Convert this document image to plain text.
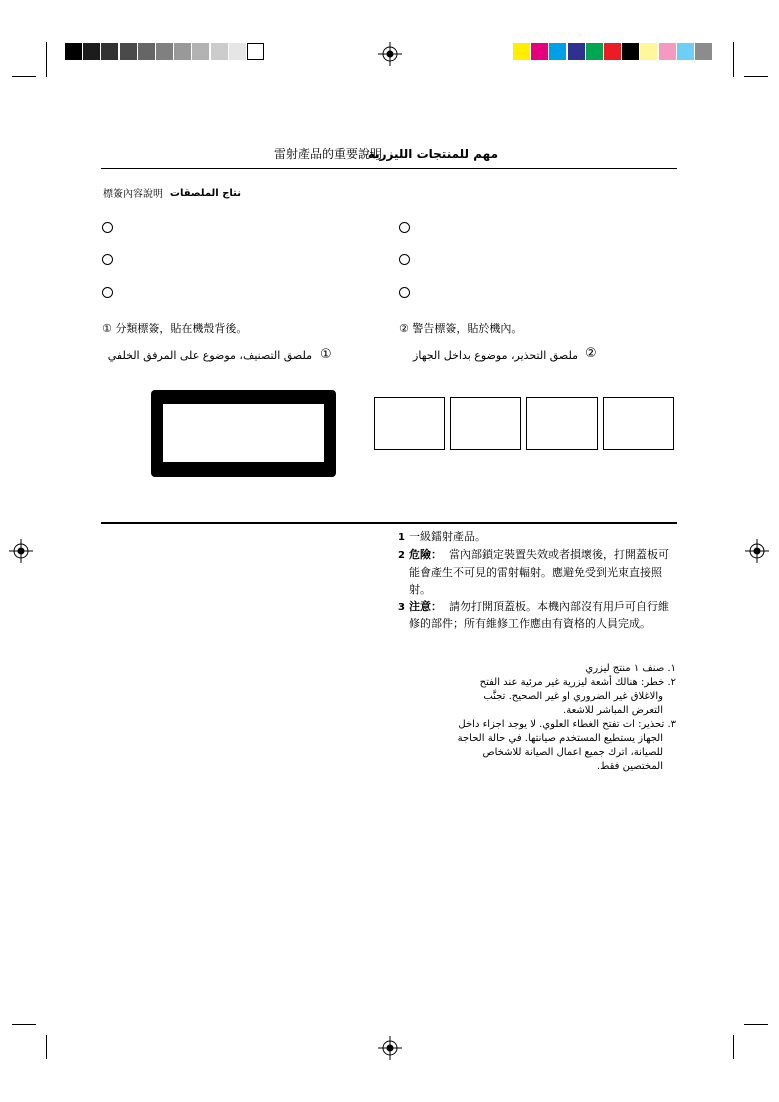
雷射產品的重要說明
مهم للمنتجات الليزرية
標簽內容說明 نتاج الملصقات
① 分類標簽，貼在機殼背後。	② 警告標簽，貼於機內。
ملصق التصنيف، موضوع على المرفق الخلفي ①	ملصق التحذير، موضوع بداخل الجهاز ②
1 一級鐳射產品。
2 危險： 當內部鎖定裝置失效或者損壞後，打開蓋板可
能會產生不可見的雷射輻射。應避免受到光束直接照
射。
3 注意： 請勿打開頂蓋板。本機內部沒有用戶可自行維
修的部件；所有維修工作應由有資格的人員完成。
١. صنف ١ منتج ليزري
٢. خطر: هنالك أشعة ليزرية غير مرئية عند الفتح
والاغلاق غير الضروري او غير الصحيح. تجنَّب
التعرض المباشر للاشعة.
٣. تحذير: ات تفتح الغطاء العلوي. لا يوجد اجزاء داخل
الجهاز يستطيع المستخدم صيانتها. في حالة الحاجة
للصيانة، اترك جميع اعمال الصيانة للاشخاص
المختصين فقط.
